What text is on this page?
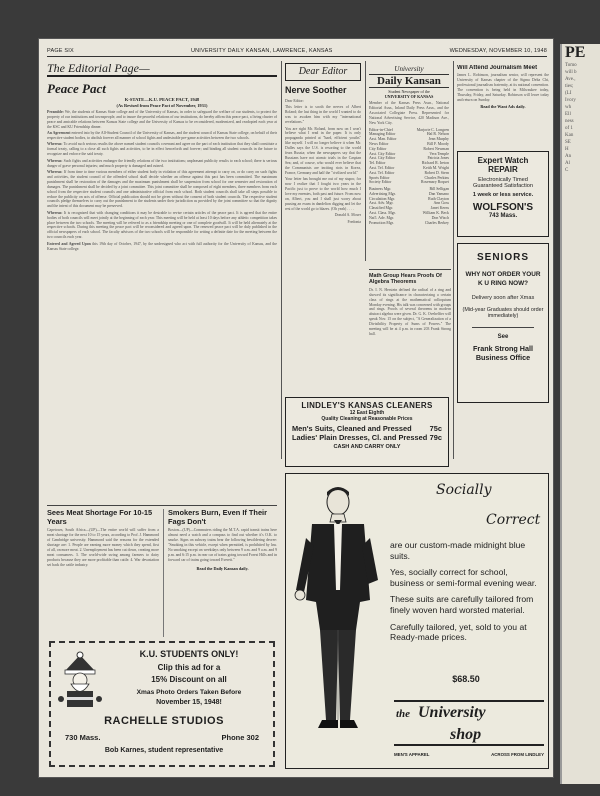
PE
Tomo
will b
Ave.,
ties;
(LI
Ivory
wh
Ell
ness
of 1
Kan
SE
H
An
Al
C
PAGE SIX	UNIVERSITY DAILY KANSAN, LAWRENCE, KANSAS	WEDNESDAY, NOVEMBER 10, 1948
The Editorial Page—
Peace Pact
K-STATE—K.U. PEACE PACT, 1948
(As Revised from Peace Pact of November, 1931)

Preamble: We, the students of Kansas State college and of the University of Kansas, in order to safeguard the welfare of our students, to protect the property of our institutions and townspeople, and to insure the peaceful relations of our institutions, do hereby affirm this peace pact, a living charter of peace and amicable relations between Kansas State college and the University of Kansas to be reconsidered, modernized, and readopted each year at the KSC and KU Friendship dinner.

An Agreement entered into by the All-Student Council of the University of Kansas, and the student council of Kansas State college, on behalf of their respective student bodies, to abolish forever all manner of school fights and undesirable pre-game activities between the two schools.

Whereas: To avoid such serious results the above named student councils covenant and agree on the part of each institution that they shall constitute a formal treaty, calling to a close all such fights and activities, to be in effect henceforth and forever; and binding all student councils in the future to recognize and enforce the said treaty.

Whereas: Such fights and activities endanger the friendly relations of the two institutions; unpleasant publicity results to each school; there is serious danger of grave personal injuries; and much property is damaged and ruined.

Whereas: If from time to time various members of either student body in violation of this agreement attempt to carry on, or do carry on such fights and activities, the student council of the offended school shall decide whether an offense against this pact has been committed. The maximum punishment shall be restoration of the damages and the maximum punishment shall be suspension from school for one semester and restoration of damages. The punishment shall be decided by a joint committee. This joint committee shall be composed of eight members, three members from each school from the respective student councils and one administrative official from each school. Both student councils shall take all steps possible to reduce the publicity on acts of offense. Official publication should not be given without the consent of both student councils. The respective student councils pledge themselves to carry out the punishment to the students under their jurisdiction as provided by the joint committee so that the dignity and the intent of this document may be preserved.

Whereas: It is recognized that with changing conditions it may be desirable to revise certain articles of the peace pact. It is agreed that the entire bodies of both councils will meet jointly at the beginning of each year. This meeting will be held at least 10 days before any athletic competition takes place between the two schools. The meeting will be referred to as a friendship meeting or one of complete goodwill. It will be held alternately at the respective schools. During this meeting the peace pact will be reconsidered and agreed upon. The renewed peace pact will be duly published in the official newspapers of each school. The faculty advisors of the two schools will be responsible for setting a definite date for the meeting between the two councils each year.

Entered and Agreed Upon this 19th day of October, 1947, by the undersigned who act with full authority for the University of Kansas, and the Kansas State college.

Sees Meat Shortage For 10-15 Years
Capetown, South Africa—(UP)—The entire world will suffer from a meat shortage for the next 10 to 15 years, according to Prof. J. Hammond of Cambridge university. Hammond said the reasons for the extended shortage are: 1. People are earning more money which they spend, first of all, on more meat. 2. Unemployment has been cut down, creating more meat consumers. 3. The world-wide swing among farmers to dairy products because they are more profitable than cattle. 4. War devastation set back the cattle industry.
Smokers Burn, Even If Their Fags Don't
Boston—(UP)—Commuters riding the M.T.A. rapid transit trains here almost need a watch and a compass to find out whether it's O.K. to smoke. Signs on subway trains bear the following bewildering decree: "Smoking in this vehicle, except when permitted, is prohibited by law. No smoking except on weekdays only between 9 a.m. and 9 a.m. and 9 p.m. and 6:15 p.m. in rear car of trains going toward Forest Hills and in forward car of trains going toward Everett."
Read the Daily Kansan daily.
K.U. STUDENTS ONLY!
Clip this ad for a
15% Discount on all
Xmas Photo Orders Taken Before
November 15, 1948!
RACHELLE STUDIOS
730 Mass.	Phone 302
Bob Karnes, student representative
Dear Editor
Nerve Soother

Dear Editor:

This letter is to sooth the nerves of Albert Roland; the last thing in the world I wanted to do was to awaken him with my "international revelations."

You are right Mr. Roland, from now on I won't believe what I read in the paper. It is only propaganda printed at "hard, efficient youths" like myself. I will no longer believe it when Mr. Dulles says the U.S. is resorting to the world fears Russia; when the newspapers say that the Russians have not atomic trials in the Caspian Sea; and, of course, who would ever believe that the Communists are inciting riots in Korea, France, Germany and half the "civilized world."

Your letter has brought me out of my stupor, for now I realize that I fought two years in the Pacific just to prove to the world how much I love my enemies, both past and future. From now on, Albert, you and I shall just worry about passing an exam in dandelion digging and let the rest of the world go to blazes. (Oh yeah) . . . .

Donald A. Moser

Fredonia

University
Daily Kansan
Student Newspaper of the
UNIVERSITY OF KANSAS
Member of the Kansas Press Assn., National Editorial Assn., Inland Daily Press Assn., and the Associated Collegiate Press. Represented for National Advertising Service, 420 Madison Ave., New York City.
Editor-in-Chief	Marjorie C. Longren
Managing Editor	Hal R. Nelson
Asst. Man. Editor	Jean Murphy
News Editor	Bill F. Moody
City Editor	Robert Newman
Asst. City Editor	Vera Temple
Asst. City Editor	Patricia Jones
Tel. Editor	Richard R. Ireton
Asst. Tel. Editor	Keith M. Wright
Asst. Tel. Editor	Robert D. Stern
Sports Editor	Charles Perkins
Society Editor	Rosemary Roquet
Business Mgr.	Bill Selligan
Advertising Mgr.	Dan Yamano
Circulation Mgr.	Ruth Clayton
Asst. Adv. Mgr.	Ann Goss
Classified Mgr.	Janet Kerns
Asst. Class. Mgr.	William K. Beck
Nat'l. Adv. Mgr.	Don Wisch
Promotion Mgr.	Charles Berkey
Math Group Hears Proofs Of Algebra Theorems
Dr. I. N. Herstein defined the radical of a ring and showed its significance in characterizing a certain class of rings at the mathematical colloquium Monday evening. His talk was concerned with groups and rings. Proofs of several theorems in modern abstract algebra were given. Dr. G. K. Ovehelfier will speak Nov. 15 on the subject, "A Generalization of a Divisibility Property of Sums of Powers." The meeting will be at 4 p.m. in room 203 Frank Strong hall.
Will Attend Journalism Meet
James L. Robinson, journalism senior, will represent the University of Kansas chapter of the Sigma Delta Chi, professional journalism fraternity, at its national convention. The convention is being held in Milwaukee today, Thursday, Friday, and Saturday. Robinson will leave today and return on Sunday.
Read the Want Ads daily.
Expert Watch
REPAIR
Electronically Timed
Guaranteed Satisfaction
1 week or less service.
WOLFSON'S
743 Mass.
SENIORS
WHY NOT ORDER YOUR
K U RING NOW?
Delivery soon after Xmas
(Mid-year Graduates should order immediately)
See
Frank Strong Hall
Business Office
LINDLEY'S KANSAS CLEANERS
12 East Eighth
Quality Cleaning at Reasonable Prices
Men's Suits, Cleaned and Pressed 75c
Ladies' Plain Dresses, Cl. and Pressed 79c
CASH AND CARRY ONLY
Socially
Correct
are our custom-made midnight blue suits.
Yes, socially correct for school, business or semi-formal evening wear.
These suits are carefully tailored from finely woven hard worsted material.
Carefully tailored, yet, sold to you at Ready-made prices.
$68.50
the University
shop
MEN'S APPAREL	ACROSS FROM LINDLEY
